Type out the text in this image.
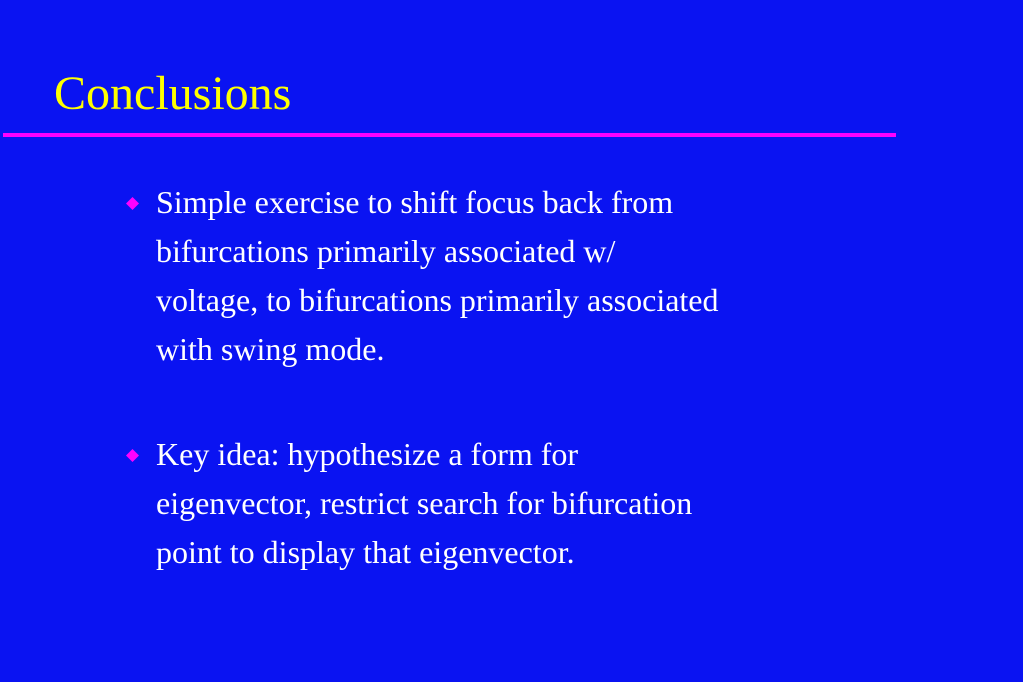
Conclusions

Simple exercise to shift focus back from
bifurcations primarily associated w/
voltage, to bifurcations primarily associated
with swing mode.

Key idea: hypothesize a form for
eigenvector, restrict search for bifurcation
point to display that eigenvector.
